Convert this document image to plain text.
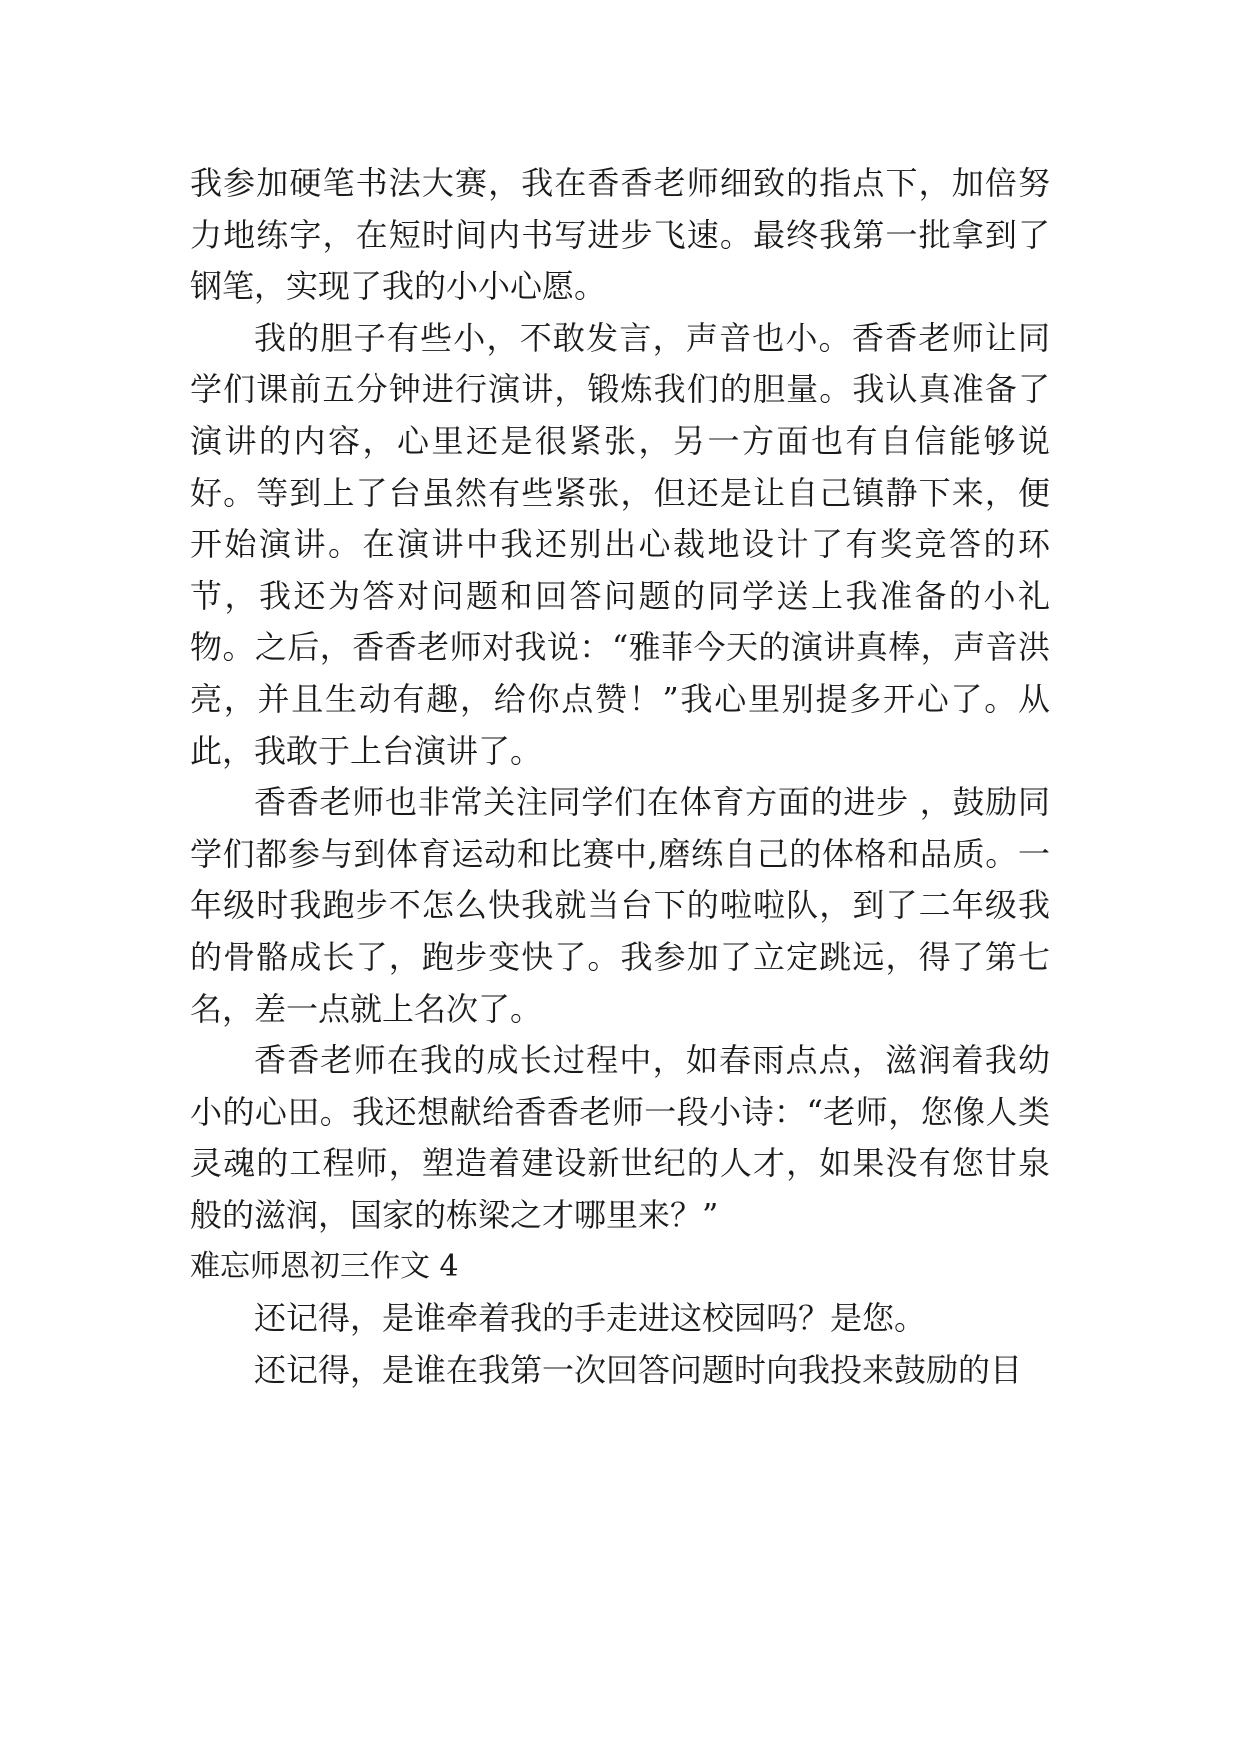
我参加硬笔书法大赛，我在香香老师细致的指点下，加倍努力地练字，在短时间内书写进步飞速。最终我第一批拿到了钢笔，实现了我的小小心愿。

我的胆子有些小，不敢发言，声音也小。香香老师让同学们课前五分钟进行演讲，锻炼我们的胆量。我认真准备了演讲的内容，心里还是很紧张，另一方面也有自信能够说好。等到上了台虽然有些紧张，但还是让自己镇静下来，便开始演讲。在演讲中我还别出心裁地设计了有奖竞答的环节，我还为答对问题和回答问题的同学送上我准备的小礼物。之后，香香老师对我说：“雅菲今天的演讲真棒，声音洪亮，并且生动有趣，给你点赞！”我心里别提多开心了。从此，我敢于上台演讲了。

香香老师也非常关注同学们在体育方面的进步 ，鼓励同学们都参与到体育运动和比赛中,磨练自己的体格和品质。一年级时我跑步不怎么快我就当台下的啦啦队，到了二年级我的骨骼成长了，跑步变快了。我参加了立定跳远，得了第七名，差一点就上名次了。

香香老师在我的成长过程中，如春雨点点，滋润着我幼小的心田。我还想献给香香老师一段小诗：“老师，您像人类灵魂的工程师，塑造着建设新世纪的人才，如果没有您甘泉般的滋润，国家的栋梁之才哪里来？”

难忘师恩初三作文 4

还记得，是谁牵着我的手走进这校园吗？是您。

还记得，是谁在我第一次回答问题时向我投来鼓励的目
